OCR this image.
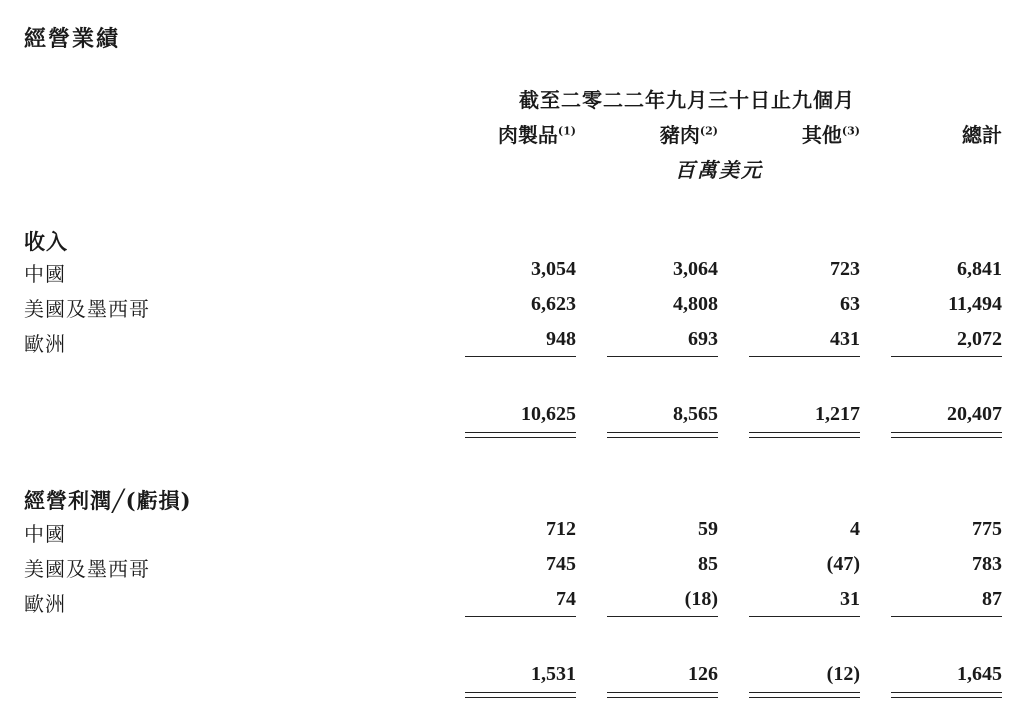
經營業績
截至二零二二年九月三十日止九個月
肉製品$^{(1)}$	豬肉$^{(2)}$	其他$^{(3)}$	總計
百萬美元
收入
中國	3,054	3,064	723	6,841
美國及墨西哥	6,623	4,808	63	11,494
歐洲	948	693	431	2,072
10,625	8,565	1,217	20,407
經營利潤╱(虧損)
中國	712	59	4	775
美國及墨西哥	745	85	(47)	783
歐洲	74	(18)	31	87
1,531	126	(12)	1,645
